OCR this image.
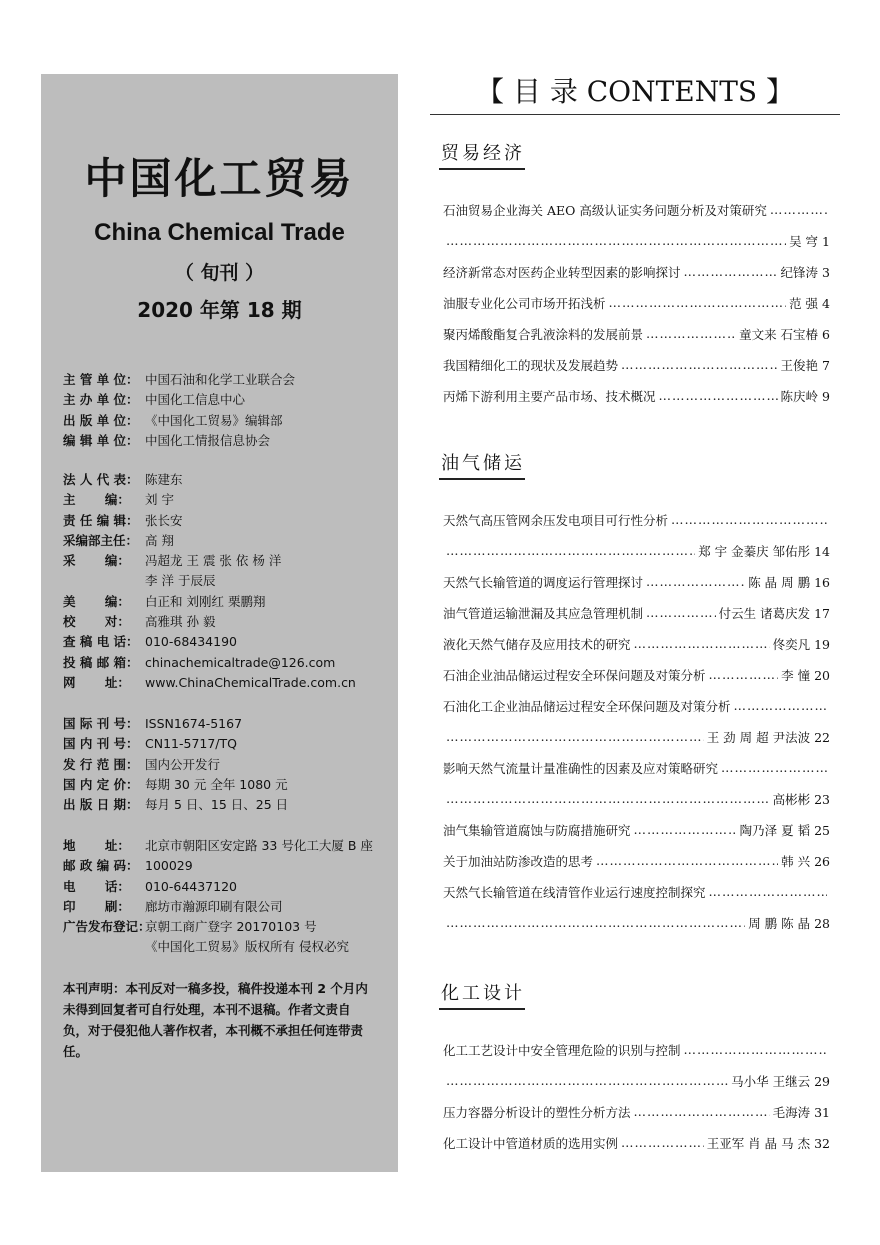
中国化工贸易
China Chemical Trade
（ 旬刊 ）
2020 年第 18 期
主 管 单 位： 中国石油和化学工业联合会
主 办 单 位： 中国化工信息中心
出 版 单 位： 《中国化工贸易》编辑部
编 辑 单 位： 中国化工情报信息协会
法 人 代 表： 陈建东
主　　 编： 刘 宇
责 任 编 辑： 张长安
采编部主任： 高 翔
采　　 编： 冯超龙 王 震 张 依 杨 洋
李 洋 于辰辰
美　　 编： 白正和 刘刚红 栗鹏翔
校　　 对： 高雅琪 孙 毅
查 稿 电 话： 010-68434190
投 稿 邮 箱： chinachemicaltrade@126.com
网　　 址： www.ChinaChemicalTrade.com.cn
国 际 刊 号： ISSN1674-5167
国 内 刊 号： CN11-5717/TQ
发 行 范 围： 国内公开发行
国 内 定 价： 每期 30 元 全年 1080 元
出 版 日 期： 每月 5 日、15 日、25 日
地　　 址： 北京市朝阳区安定路 33 号化工大厦 B 座
邮 政 编 码： 100029
电　　 话： 010-64437120
印　　 刷： 廊坊市瀚源印刷有限公司
广告发布登记：京朝工商广登字 20170103 号
《中国化工贸易》版权所有 侵权必究
本刊声明：本刊反对一稿多投，稿件投递本刊 2 个月内未得到回复者可自行处理，本刊不退稿。作者文责自负，对于侵犯他人著作权者，本刊概不承担任何连带责任。
【 目 录 CONTENTS 】
贸易经济
石油贸易企业海关 AEO 高级认证实务问题分析及对策研究
………………………………………………………………………………………………………………………………………………
………………………………………………………………………………………………………………………………………………
吴 穹 1
经济新常态对医药企业转型因素的影响探讨 ………………………………………………………………………………………………………………………………………………	纪锋涛 3
油服专业化公司市场开拓浅析 ………………………………………………………………………………………………………………………………………………	范 强 4
聚丙烯酸酯复合乳液涂料的发展前景 ………………………………………………………………………………………………………………………………………………	童文来 石宝椿 6
我国精细化工的现状及发展趋势 ………………………………………………………………………………………………………………………………………………	王俊艳 7
丙烯下游利用主要产品市场、技术概况 ………………………………………………………………………………………………………………………………………………	陈庆岭 9
油气储运
天然气高压管网余压发电项目可行性分析
………………………………………………………………………………………………………………………………………………
………………………………………………………………………………………………………………………………………………
郑 宇 金蓁庆 邹佑彤 14
天然气长输管道的调度运行管理探讨 ………………………………………………………………………………………………………………………………………………	陈 晶 周 鹏 16
油气管道运输泄漏及其应急管理机制 ………………………………………………………………………………………………………………………………………………	付云生 诸葛庆发 17
液化天然气储存及应用技术的研究 ………………………………………………………………………………………………………………………………………………	佟奕凡 19
石油企业油品储运过程安全环保问题及对策分析 ………………………………………………………………………………………………………………………………………………	李 憧 20
石油化工企业油品储运过程安全环保问题及对策分析
………………………………………………………………………………………………………………………………………………
………………………………………………………………………………………………………………………………………………
王 劲 周 超 尹法波 22
影响天然气流量计量准确性的因素及应对策略研究
………………………………………………………………………………………………………………………………………………
………………………………………………………………………………………………………………………………………………
高彬彬 23
油气集输管道腐蚀与防腐措施研究 ………………………………………………………………………………………………………………………………………………	陶乃泽 夏 韬 25
关于加油站防渗改造的思考 ………………………………………………………………………………………………………………………………………………	韩 兴 26
天然气长输管道在线清管作业运行速度控制探究
………………………………………………………………………………………………………………………………………………
………………………………………………………………………………………………………………………………………………
周 鹏 陈 晶 28
化工设计
化工工艺设计中安全管理危险的识别与控制
………………………………………………………………………………………………………………………………………………
………………………………………………………………………………………………………………………………………………
马小华 王继云 29
压力容器分析设计的塑性分析方法 ………………………………………………………………………………………………………………………………………………	毛海涛 31
化工设计中管道材质的选用实例 ………………………………………………………………………………………………………………………………………………	王亚军 肖 晶 马 杰 32
